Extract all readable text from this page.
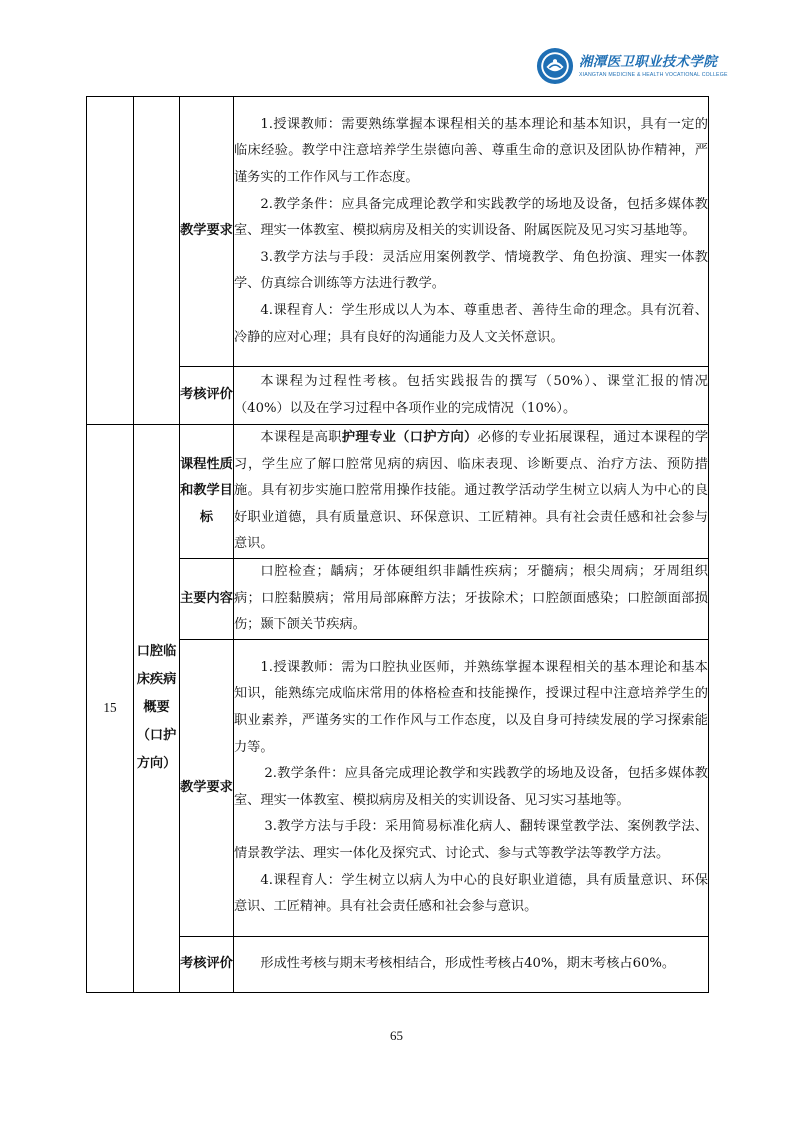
湘潭医卫职业技术学院
XIANGTAN MEDICINE & HEALTH VOCATIONAL COLLEGE
		教学要求	1.授课教师：需要熟练掌握本课程相关的基本理论和基本知识，具有一定的临床经验。教学中注意培养学生崇德向善、尊重生命的意识及团队协作精神，严谨务实的工作作风与工作态度。

2.教学条件：应具备完成理论教学和实践教学的场地及设备，包括多媒体教室、理实一体教室、模拟病房及相关的实训设备、附属医院及见习实习基地等。

3.教学方法与手段：灵活应用案例教学、情境教学、角色扮演、理实一体教学、仿真综合训练等方法进行教学。

4.课程育人：学生形成以人为本、尊重患者、善待生命的理念。具有沉着、冷静的应对心理；具有良好的沟通能力及人文关怀意识。

		考核评价	本课程为过程性考核。包括实践报告的撰写（50%）、课堂汇报的情况（40%）以及在学习过程中各项作业的完成情况（10%）。

15	口腔临床疾病概要（口护方向）	课程性质和教学目标	本课程是高职护理专业（口护方向）必修的专业拓展课程，通过本课程的学习，学生应了解口腔常见病的病因、临床表现、诊断要点、治疗方法、预防措施。具有初步实施口腔常用操作技能。通过教学活动学生树立以病人为中心的良好职业道德，具有质量意识、环保意识、工匠精神。具有社会责任感和社会参与意识。

		主要内容	口腔检查；龋病；牙体硬组织非龋性疾病；牙髓病；根尖周病；牙周组织病；口腔黏膜病；常用局部麻醉方法；牙拔除术；口腔颌面感染；口腔颌面部损伤；颞下颌关节疾病。

		教学要求	1.授课教师：需为口腔执业医师，并熟练掌握本课程相关的基本理论和基本知识，能熟练完成临床常用的体格检查和技能操作，授课过程中注意培养学生的职业素养，严谨务实的工作作风与工作态度，以及自身可持续发展的学习探索能力等。

2.教学条件：应具备完成理论教学和实践教学的场地及设备，包括多媒体教室、理实一体教室、模拟病房及相关的实训设备、见习实习基地等。

3.教学方法与手段：采用简易标准化病人、翻转课堂教学法、案例教学法、情景教学法、理实一体化及探究式、讨论式、参与式等教学法等教学方法。

4.课程育人：学生树立以病人为中心的良好职业道德，具有质量意识、环保意识、工匠精神。具有社会责任感和社会参与意识。

		考核评价	形成性考核与期末考核相结合，形成性考核占40%，期末考核占60%。

65
